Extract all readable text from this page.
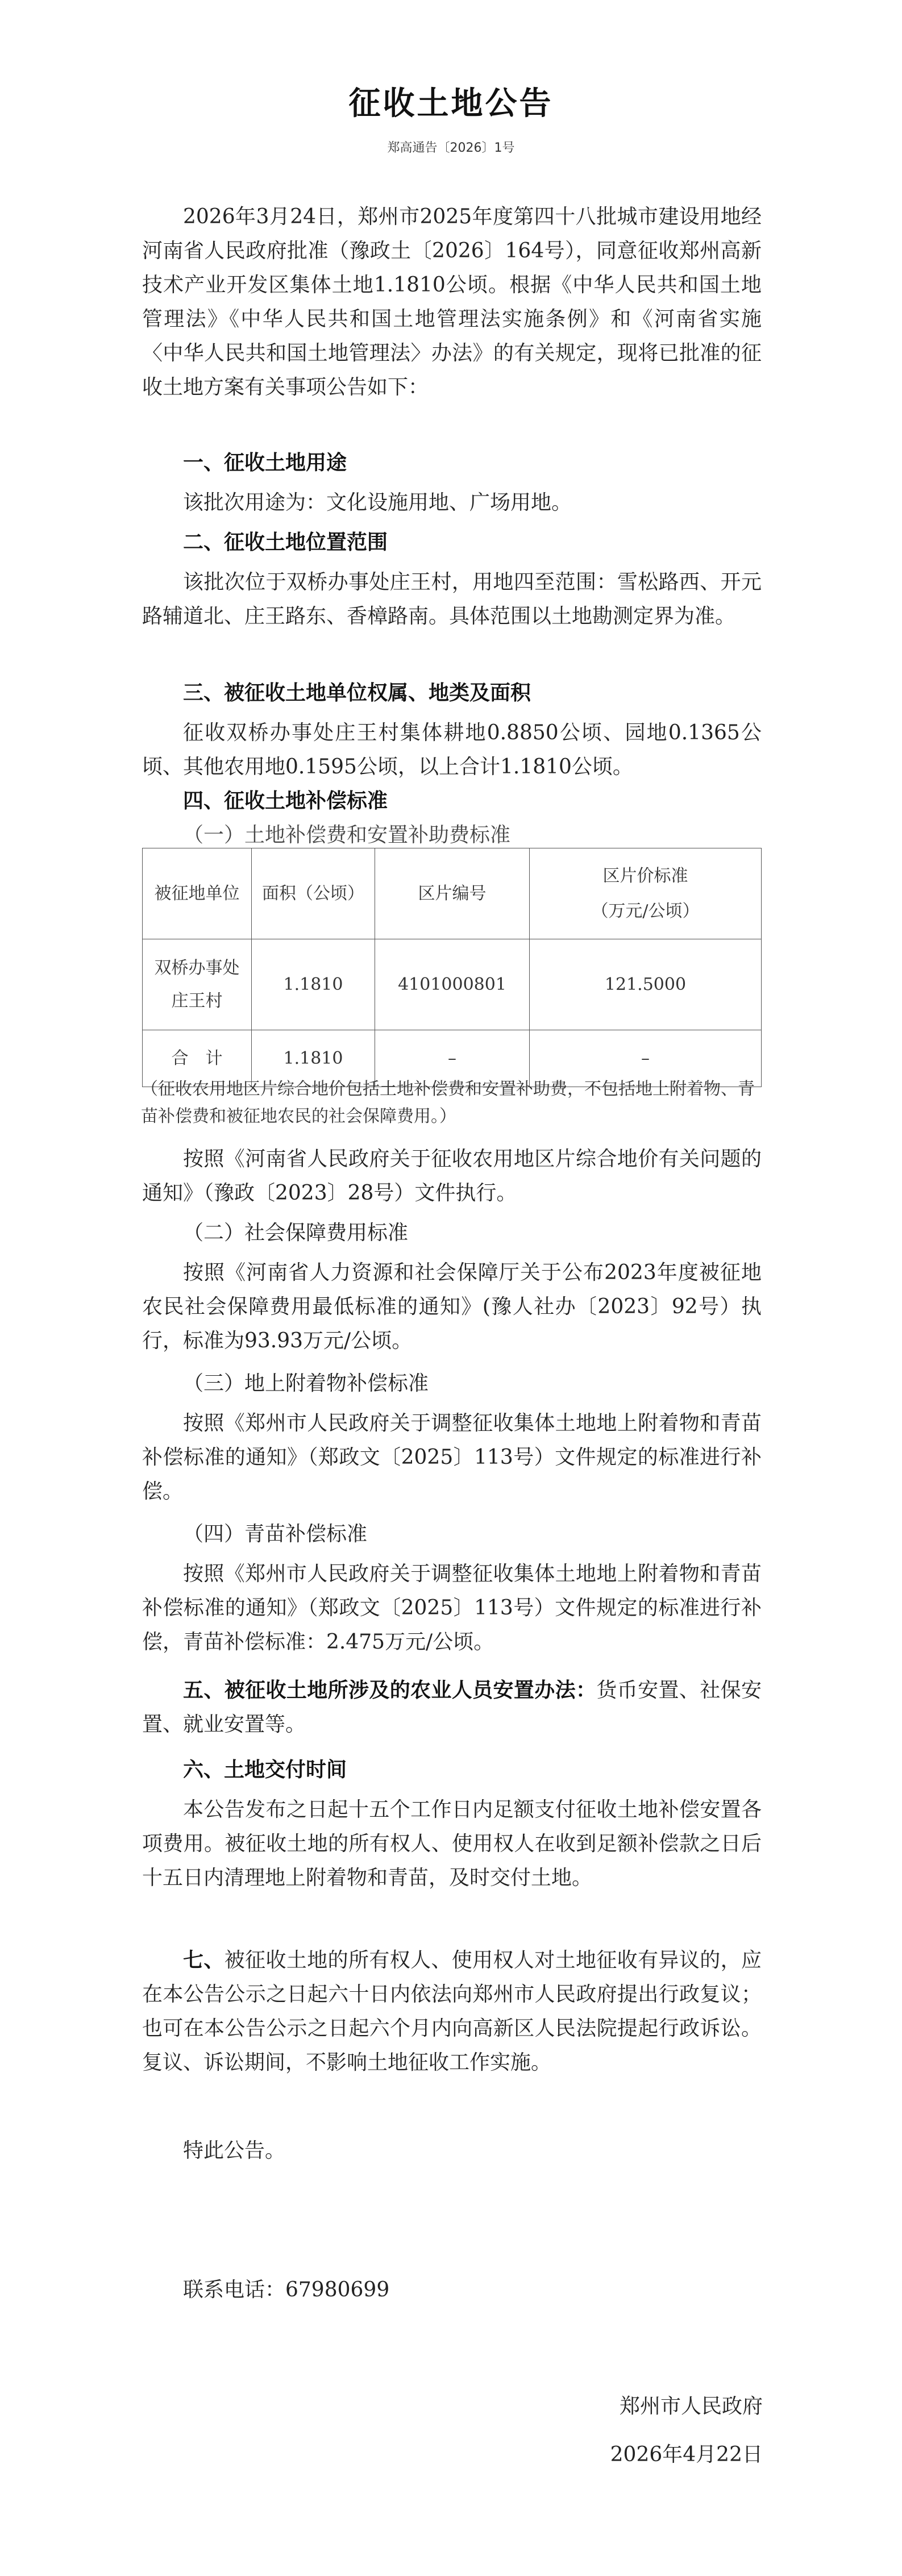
征收土地公告
郑高通告〔2026〕1号

2026年3月24日，郑州市2025年度第四十八批城市建设用地经河南省人民政府批准（豫政土〔2026〕164号），同意征收郑州高新技术产业开发区集体土地1.1810公顷。根据《中华人民共和国土地管理法》《中华人民共和国土地管理法实施条例》和《河南省实施〈中华人民共和国土地管理法〉办法》的有关规定，现将已批准的征收土地方案有关事项公告如下：

一、征收土地用途

该批次用途为：文化设施用地、广场用地。

二、征收土地位置范围

该批次位于双桥办事处庄王村，用地四至范围：雪松路西、开元路辅道北、庄王路东、香樟路南。具体范围以土地勘测定界为准。

三、被征收土地单位权属、地类及面积

征收双桥办事处庄王村集体耕地0.8850公顷、园地0.1365公顷、其他农用地0.1595公顷，以上合计1.1810公顷。

四、征收土地补偿标准

（一）土地补偿费和安置补助费标准

被征地单位	面积（公顷）	区片编号	区片价标准
（万元/公顷）

双桥办事处
庄王村	1.1810	4101000801	121.5000
合　计	1.1810	–	–

（征收农用地区片综合地价包括土地补偿费和安置补助费，不包括地上附着物、青苗补偿费和被征地农民的社会保障费用。）

按照《河南省人民政府关于征收农用地区片综合地价有关问题的通知》（豫政〔2023〕28号）文件执行。

（二）社会保障费用标准

按照《河南省人力资源和社会保障厅关于公布2023年度被征地农民社会保障费用最低标准的通知》(豫人社办〔2023〕92号）执行，标准为93.93万元/公顷。

（三）地上附着物补偿标准

按照《郑州市人民政府关于调整征收集体土地地上附着物和青苗补偿标准的通知》（郑政文〔2025〕113号）文件规定的标准进行补偿。

（四）青苗补偿标准

按照《郑州市人民政府关于调整征收集体土地地上附着物和青苗补偿标准的通知》（郑政文〔2025〕113号）文件规定的标准进行补偿，青苗补偿标准：2.475万元/公顷。

五、被征收土地所涉及的农业人员安置办法：货币安置、社保安置、就业安置等。

六、土地交付时间

本公告发布之日起十五个工作日内足额支付征收土地补偿安置各项费用。被征收土地的所有权人、使用权人在收到足额补偿款之日后十五日内清理地上附着物和青苗，及时交付土地。

七、被征收土地的所有权人、使用权人对土地征收有异议的，应在本公告公示之日起六十日内依法向郑州市人民政府提出行政复议；也可在本公告公示之日起六个月内向高新区人民法院提起行政诉讼。复议、诉讼期间，不影响土地征收工作实施。

特此公告。

联系电话：67980699

郑州市人民政府

2026年4月22日
